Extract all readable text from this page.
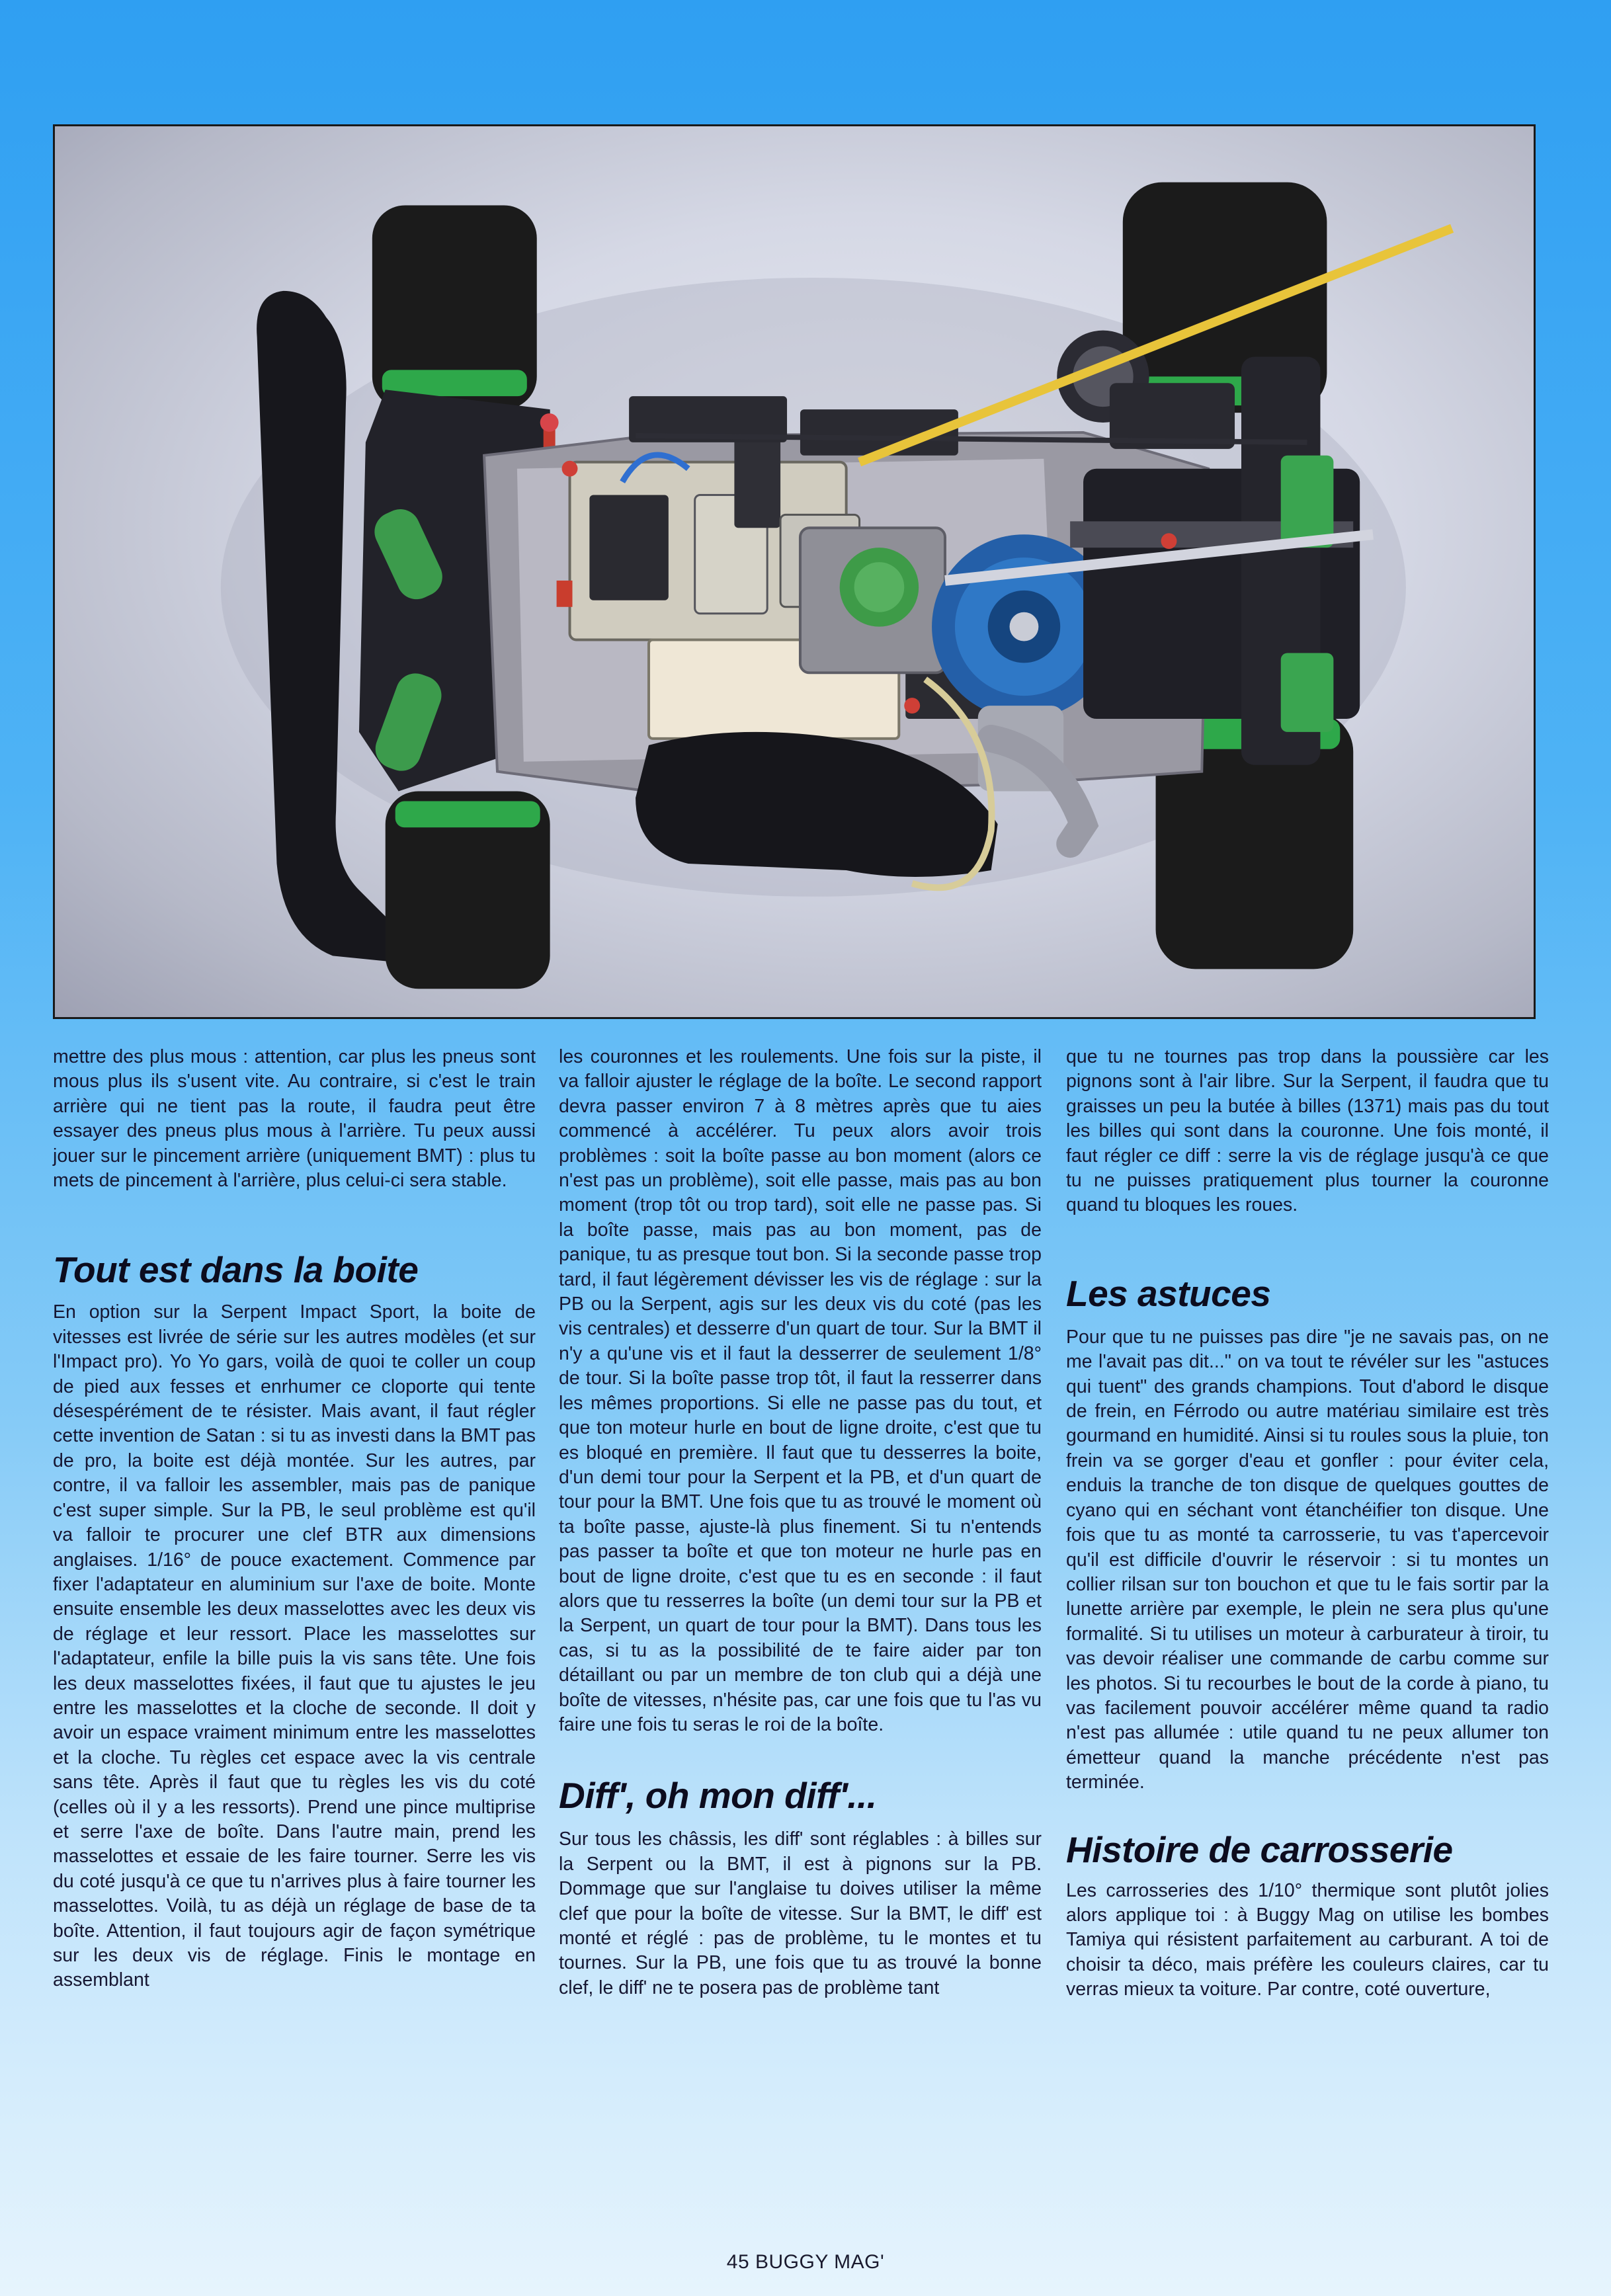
mettre des plus mous : attention, car plus les pneus sont mous plus ils s'usent vite. Au contraire, si c'est le train arrière qui ne tient pas la route, il faudra peut être essayer des pneus plus mous à l'arrière. Tu peux aussi jouer sur le pincement arrière (uniquement BMT) : plus tu mets de pincement à l'arrière, plus celui-ci sera stable.

Tout est dans la boite

En option sur la Serpent Impact Sport, la boite de vitesses est livrée de série sur les autres modèles (et sur l'Impact pro). Yo Yo gars, voilà de quoi te coller un coup de pied aux fesses et enrhumer ce cloporte qui tente désespérément de te résister. Mais avant, il faut régler cette invention de Satan : si tu as investi dans la BMT pas de pro, la boite est déjà montée. Sur les autres, par contre, il va falloir les assembler, mais pas de panique c'est super simple. Sur la PB, le seul problème est qu'il va falloir te procurer une clef BTR aux dimensions anglaises. 1/16° de pouce exactement. Commence par fixer l'adaptateur en aluminium sur l'axe de boite. Monte ensuite ensemble les deux masselottes avec les deux vis de réglage et leur ressort. Place les masselottes sur l'adaptateur, enfile la bille puis la vis sans tête. Une fois les deux masselottes fixées, il faut que tu ajustes le jeu entre les masselottes et la cloche de seconde. Il doit y avoir un espace vraiment minimum entre les masselottes et la cloche. Tu règles cet espace avec la vis centrale sans tête. Après il faut que tu règles les vis du coté (celles où il y a les ressorts). Prend une pince multiprise et serre l'axe de boîte. Dans l'autre main, prend les masselottes et essaie de les faire tourner. Serre les vis du coté jusqu'à ce que tu n'arrives plus à faire tourner les masselottes. Voilà, tu as déjà un réglage de base de ta boîte. Attention, il faut toujours agir de façon symétrique sur les deux vis de réglage. Finis le montage en assemblant

les couronnes et les roulements. Une fois sur la piste, il va falloir ajuster le réglage de la boîte. Le second rapport devra passer environ 7 à 8 mètres après que tu aies commencé à accélérer. Tu peux alors avoir trois problèmes : soit la boîte passe au bon moment (alors ce n'est pas un problème), soit elle passe, mais pas au bon moment (trop tôt ou trop tard), soit elle ne passe pas. Si la boîte passe, mais pas au bon moment, pas de panique, tu as presque tout bon. Si la seconde passe trop tard, il faut légèrement dévisser les vis de réglage : sur la PB ou la Serpent, agis sur les deux vis du coté (pas les vis centrales) et desserre d'un quart de tour. Sur la BMT il n'y a qu'une vis et il faut la desserrer de seulement 1/8° de tour. Si la boîte passe trop tôt, il faut la resserrer dans les mêmes proportions. Si elle ne passe pas du tout, et que ton moteur hurle en bout de ligne droite, c'est que tu es bloqué en première. Il faut que tu desserres la boite, d'un demi tour pour la Serpent et la PB, et d'un quart de tour pour la BMT. Une fois que tu as trouvé le moment où ta boîte passe, ajuste-là plus finement. Si tu n'entends pas passer ta boîte et que ton moteur ne hurle pas en bout de ligne droite, c'est que tu es en seconde : il faut alors que tu resserres la boîte (un demi tour sur la PB et la Serpent, un quart de tour pour la BMT). Dans tous les cas, si tu as la possibilité de te faire aider par ton détaillant ou par un membre de ton club qui a déjà une boîte de vitesses, n'hésite pas, car une fois que tu l'as vu faire une fois tu seras le roi de la boîte.

Diff', oh mon diff'...

Sur tous les châssis, les diff' sont réglables : à billes sur la Serpent ou la BMT, il est à pignons sur la PB. Dommage que sur l'anglaise tu doives utiliser la même clef que pour la boîte de vitesse. Sur la BMT, le diff' est monté et réglé : pas de problème, tu le montes et tu tournes. Sur la PB, une fois que tu as trouvé la bonne clef, le diff' ne te posera pas de problème tant

que tu ne tournes pas trop dans la poussière car les pignons sont à l'air libre. Sur la Serpent, il faudra que tu graisses un peu la butée à billes (1371) mais pas du tout les billes qui sont dans la couronne. Une fois monté, il faut régler ce diff : serre la vis de réglage jusqu'à ce que tu ne puisses pratiquement plus tourner la couronne quand tu bloques les roues.

Les astuces

Pour que tu ne puisses pas dire "je ne savais pas, on ne me l'avait pas dit..." on va tout te révéler sur les "astuces qui tuent" des grands champions. Tout d'abord le disque de frein, en Férrodo ou autre matériau similaire est très gourmand en humidité. Ainsi si tu roules sous la pluie, ton frein va se gorger d'eau et gonfler : pour éviter cela, enduis la tranche de ton disque de quelques gouttes de cyano qui en séchant vont étanchéifier ton disque. Une fois que tu as monté ta carrosserie, tu vas t'apercevoir qu'il est difficile d'ouvrir le réservoir : si tu montes un collier rilsan sur ton bouchon et que tu le fais sortir par la lunette arrière par exemple, le plein ne sera plus qu'une formalité. Si tu utilises un moteur à carburateur à tiroir, tu vas devoir réaliser une commande de carbu comme sur les photos. Si tu recourbes le bout de la corde à piano, tu vas facilement pouvoir accélérer même quand ta radio n'est pas allumée : utile quand tu ne peux allumer ton émetteur quand la manche précédente n'est pas terminée.

Histoire de carrosserie

Les carrosseries des 1/10° thermique sont plutôt jolies alors applique toi : à Buggy Mag on utilise les bombes Tamiya qui résistent parfaitement au carburant. A toi de choisir ta déco, mais préfère les couleurs claires, car tu verras mieux ta voiture. Par contre, coté ouverture,

45 BUGGY MAG'
